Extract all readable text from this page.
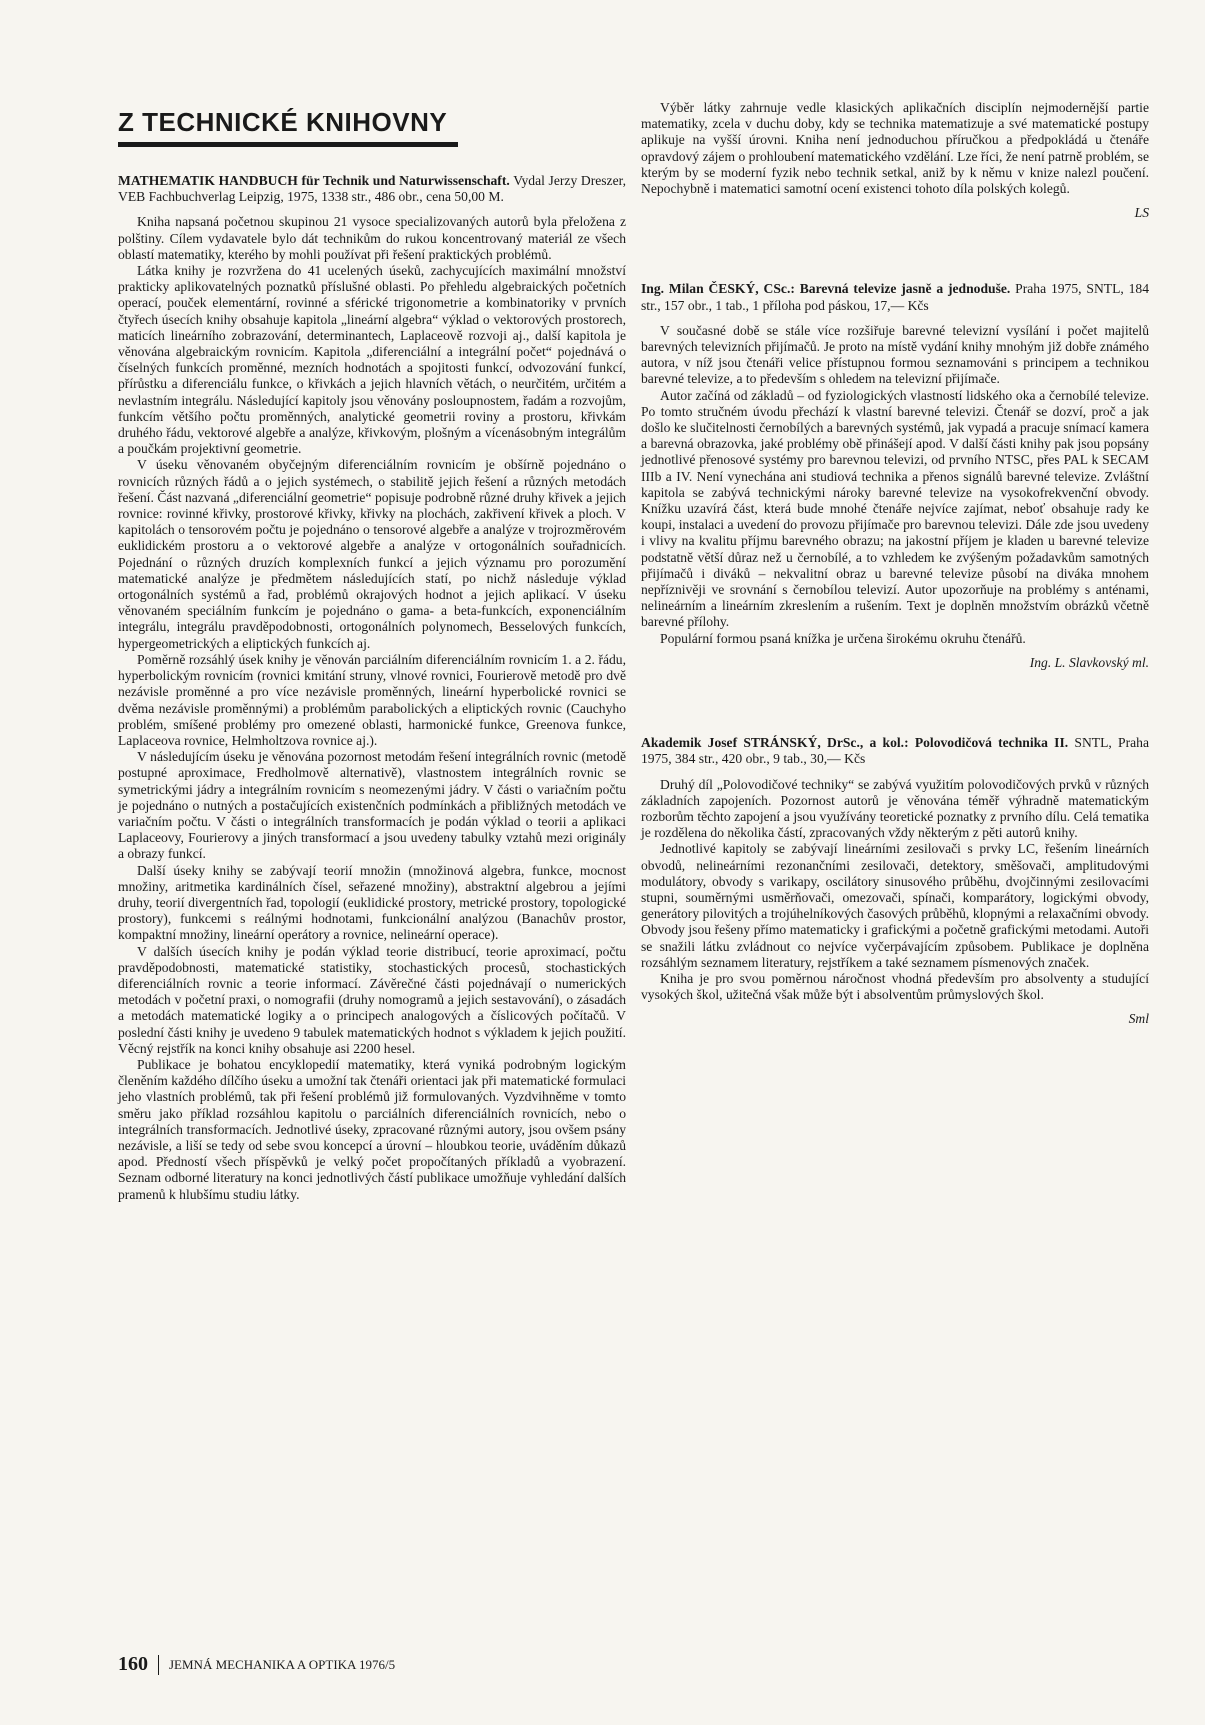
Z TECHNICKÉ KNIHOVNY

MATHEMATIK HANDBUCH für Technik und Naturwissenschaft. Vydal Jerzy Dreszer, VEB Fachbuchverlag Leipzig, 1975, 1338 str., 486 obr., cena 50,00 M.

Kniha napsaná početnou skupinou 21 vysoce specializovaných autorů byla přeložena z polštiny. Cílem vydavatele bylo dát technikům do rukou koncentrovaný materiál ze všech oblastí matematiky, kterého by mohli používat při řešení praktických problémů.

Látka knihy je rozvržena do 41 ucelených úseků, zachycujících maximální množství prakticky aplikovatelných poznatků příslušné oblasti. Po přehledu algebraických početních operací, pouček elementární, rovinné a sférické trigonometrie a kombinatoriky v prvních čtyřech úsecích knihy obsahuje kapitola „lineární algebra“ výklad o vektorových prostorech, maticích lineárního zobrazování, determinantech, Laplaceově rozvoji aj., další kapitola je věnována algebraickým rovnicím. Kapitola „diferenciální a integrální počet“ pojednává o číselných funkcích proměnné, mezních hodnotách a spojitosti funkcí, odvozování funkcí, přírůstku a diferenciálu funkce, o křivkách a jejich hlavních větách, o neurčitém, určitém a nevlastním integrálu. Následující kapitoly jsou věnovány posloupnostem, řadám a rozvojům, funkcím většího počtu proměnných, analytické geometrii roviny a prostoru, křivkám druhého řádu, vektorové algebře a analýze, křivkovým, plošným a vícenásobným integrálům a poučkám projektivní geometrie.

V úseku věnovaném obyčejným diferenciálním rovnicím je obšírně pojednáno o rovnicích různých řádů a o jejich systémech, o stabilitě jejich řešení a různých metodách řešení. Část nazvaná „diferenciální geometrie“ popisuje podrobně různé druhy křivek a jejich rovnice: rovinné křivky, prostorové křivky, křivky na plochách, zakřivení křivek a ploch. V kapitolách o tensorovém počtu je pojednáno o tensorové algebře a analýze v trojrozměrovém euklidickém prostoru a o vektorové algebře a analýze v ortogonálních souřadnicích. Pojednání o různých druzích komplexních funkcí a jejich významu pro porozumění matematické analýze je předmětem následujících statí, po nichž následuje výklad ortogonálních systémů a řad, problémů okrajových hodnot a jejich aplikací. V úseku věnovaném speciálním funkcím je pojednáno o gama- a beta-funkcích, exponenciálním integrálu, integrálu pravděpodobnosti, ortogonálních polynomech, Besselových funkcích, hypergeometrických a eliptických funkcích aj.

Poměrně rozsáhlý úsek knihy je věnován parciálním diferenciálním rovnicím 1. a 2. řádu, hyperbolickým rovnicím (rovnici kmitání struny, vlnové rovnici, Fourierově metodě pro dvě nezávisle proměnné a pro více nezávisle proměnných, lineární hyperbolické rovnici se dvěma nezávisle proměnnými) a problémům parabolických a eliptických rovnic (Cauchyho problém, smíšené problémy pro omezené oblasti, harmonické funkce, Greenova funkce, Laplaceova rovnice, Helmholtzova rovnice aj.).

V následujícím úseku je věnována pozornost metodám řešení integrálních rovnic (metodě postupné aproximace, Fredholmově alternativě), vlastnostem integrálních rovnic se symetrickými jádry a integrálním rovnicím s neomezenými jádry. V části o variačním počtu je pojednáno o nutných a postačujících existenčních podmínkách a přibližných metodách ve variačním počtu. V části o integrálních transformacích je podán výklad o teorii a aplikaci Laplaceovy, Fourierovy a jiných transformací a jsou uvedeny tabulky vztahů mezi originály a obrazy funkcí.

Další úseky knihy se zabývají teorií množin (množinová algebra, funkce, mocnost množiny, aritmetika kardinálních čísel, seřazené množiny), abstraktní algebrou a jejími druhy, teorií divergentních řad, topologií (euklidické prostory, metrické prostory, topologické prostory), funkcemi s reálnými hodnotami, funkcionální analýzou (Banachův prostor, kompaktní množiny, lineární operátory a rovnice, nelineární operace).

V dalších úsecích knihy je podán výklad teorie distribucí, teorie aproximací, počtu pravděpodobnosti, matematické statistiky, stochastických procesů, stochastických diferenciálních rovnic a teorie informací. Závěrečné části pojednávají o numerických metodách v početní praxi, o nomografii (druhy nomogramů a jejich sestavování), o zásadách a metodách matematické logiky a o principech analogových a číslicových počítačů. V poslední části knihy je uvedeno 9 tabulek matematických hodnot s výkladem k jejich použití. Věcný rejstřík na konci knihy obsahuje asi 2200 hesel.

Publikace je bohatou encyklopedií matematiky, která vyniká podrobným logickým členěním každého dílčího úseku a umožní tak čtenáři orientaci jak při matematické formulaci jeho vlastních problémů, tak při řešení problémů již formulovaných. Vyzdvihněme v tomto směru jako příklad rozsáhlou kapitolu o parciálních diferenciálních rovnicích, nebo o integrálních transformacích. Jednotlivé úseky, zpracované různými autory, jsou ovšem psány nezávisle, a liší se tedy od sebe svou koncepcí a úrovní – hloubkou teorie, uváděním důkazů apod. Předností všech příspěvků je velký počet propočítaných příkladů a vyobrazení. Seznam odborné literatury na konci jednotlivých částí publikace umožňuje vyhledání dalších pramenů k hlubšímu studiu látky.

Výběr látky zahrnuje vedle klasických aplikačních disciplín nejmodernější partie matematiky, zcela v duchu doby, kdy se technika matematizuje a své matematické postupy aplikuje na vyšší úrovni. Kniha není jednoduchou příručkou a předpokládá u čtenáře opravdový zájem o prohloubení matematického vzdělání. Lze říci, že není patrně problém, se kterým by se moderní fyzik nebo technik setkal, aniž by k němu v knize nalezl poučení. Nepochybně i matematici samotní ocení existenci tohoto díla polských kolegů.

LS

Ing. Milan ČESKÝ, CSc.: Barevná televize jasně a jednoduše. Praha 1975, SNTL, 184 str., 157 obr., 1 tab., 1 příloha pod páskou, 17,— Kčs

V současné době se stále více rozšiřuje barevné televizní vysílání i počet majitelů barevných televizních přijímačů. Je proto na místě vydání knihy mnohým již dobře známého autora, v níž jsou čtenáři velice přístupnou formou seznamováni s principem a technikou barevné televize, a to především s ohledem na televizní přijímače.

Autor začíná od základů – od fyziologických vlastností lidského oka a černobílé televize. Po tomto stručném úvodu přechází k vlastní barevné televizi. Čtenář se dozví, proč a jak došlo ke slučitelnosti černobílých a barevných systémů, jak vypadá a pracuje snímací kamera a barevná obrazovka, jaké problémy obě přinášejí apod. V další části knihy pak jsou popsány jednotlivé přenosové systémy pro barevnou televizi, od prvního NTSC, přes PAL k SECAM IIIb a IV. Není vynechána ani studiová technika a přenos signálů barevné televize. Zvláštní kapitola se zabývá technickými nároky barevné televize na vysokofrekvenční obvody. Knížku uzavírá část, která bude mnohé čtenáře nejvíce zajímat, neboť obsahuje rady ke koupi, instalaci a uvedení do provozu přijímače pro barevnou televizi. Dále zde jsou uvedeny i vlivy na kvalitu příjmu barevného obrazu; na jakostní příjem je kladen u barevné televize podstatně větší důraz než u černobílé, a to vzhledem ke zvýšeným požadavkům samotných přijímačů i diváků – nekvalitní obraz u barevné televize působí na diváka mnohem nepříznivěji ve srovnání s černobílou televizí. Autor upozorňuje na problémy s anténami, nelineárním a lineárním zkreslením a rušením. Text je doplněn množstvím obrázků včetně barevné přílohy.

Populární formou psaná knížka je určena širokému okruhu čtenářů.

Ing. L. Slavkovský ml.

Akademik Josef STRÁNSKÝ, DrSc., a kol.: Polovodičová technika II. SNTL, Praha 1975, 384 str., 420 obr., 9 tab., 30,— Kčs

Druhý díl „Polovodičové techniky“ se zabývá využitím polovodičových prvků v různých základních zapojeních. Pozornost autorů je věnována téměř výhradně matematickým rozborům těchto zapojení a jsou využívány teoretické poznatky z prvního dílu. Celá tematika je rozdělena do několika částí, zpracovaných vždy některým z pěti autorů knihy.

Jednotlivé kapitoly se zabývají lineárními zesilovači s prvky LC, řešením lineárních obvodů, nelineárními rezonančními zesilovači, detektory, směšovači, amplitudovými modulátory, obvody s varikapy, oscilátory sinusového průběhu, dvojčinnými zesilovacími stupni, souměrnými usměrňovači, omezovači, spínači, komparátory, logickými obvody, generátory pilovitých a trojúhelníkových časových průběhů, klopnými a relaxačními obvody. Obvody jsou řešeny přímo matematicky i grafickými a početně grafickými metodami. Autoři se snažili látku zvládnout co nejvíce vyčerpávajícím způsobem. Publikace je doplněna rozsáhlým seznamem literatury, rejstříkem a také seznamem písmenových značek.

Kniha je pro svou poměrnou náročnost vhodná především pro absolventy a studující vysokých škol, užitečná však může být i absolventům průmyslových škol.

Sml

160 JEMNÁ MECHANIKA A OPTIKA 1976/5
